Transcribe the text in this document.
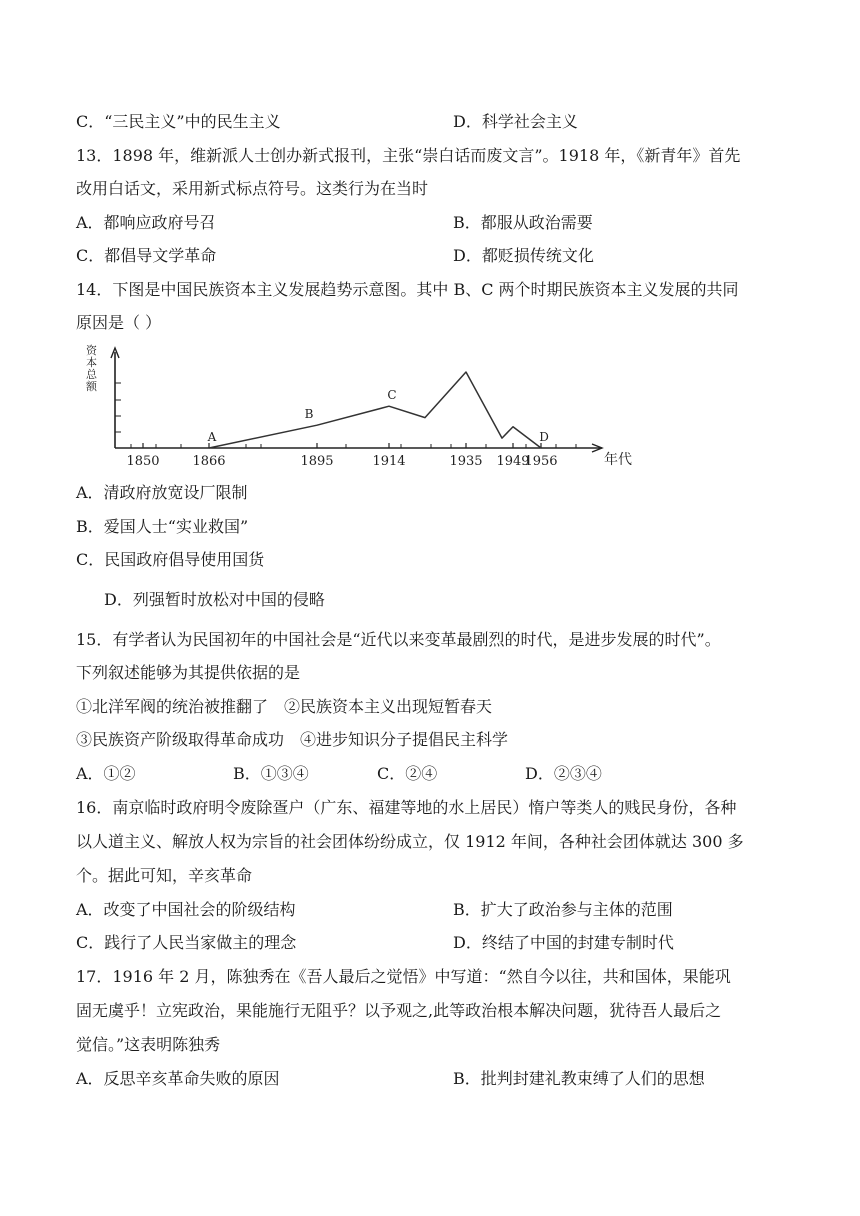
C．“三民主义”中的民生主义	D．科学社会主义
13．1898 年，维新派人士创办新式报刊，主张“崇白话而废文言”。1918 年，《新青年》首先
改用白话文，采用新式标点符号。这类行为在当时
A．都响应政府号召	B．都服从政治需要
C．都倡导文学革命	D．都贬损传统文化
14．下图是中国民族资本主义发展趋势示意图。其中 B、C 两个时期民族资本主义发展的共同
原因是（ ）
资
本
总
额
年代
1850	1866	1895	1914	1935 1949
1956
A
B
C
D
A．清政府放宽设厂限制
B．爱国人士“实业救国”
C．民国政府倡导使用国货
D．列强暂时放松对中国的侵略
15．有学者认为民国初年的中国社会是“近代以来变革最剧烈的时代，是进步发展的时代”。
下列叙述能够为其提供依据的是
①北洋军阀的统治被推翻了　②民族资本主义出现短暂春天
③民族资产阶级取得革命成功　④进步知识分子提倡民主科学
A．①②	B．①③④	C．②④	D．②③④
16．南京临时政府明令废除疍户（广东、福建等地的水上居民）惰户等类人的贱民身份，各种
以人道主义、解放人权为宗旨的社会团体纷纷成立，仅 1912 年间，各种社会团体就达 300 多
个。据此可知，辛亥革命
A．改变了中国社会的阶级结构	B．扩大了政治参与主体的范围
C．践行了人民当家做主的理念	D．终结了中国的封建专制时代
17．1916 年 2 月，陈独秀在《吾人最后之觉悟》中写道：“然自今以往，共和国体，果能巩
固无虞乎！立宪政治，果能施行无阻乎？以予观之,此等政治根本解决问题，犹待吾人最后之
觉信。”这表明陈独秀
A．反思辛亥革命失败的原因	B．批判封建礼教束缚了人们的思想
